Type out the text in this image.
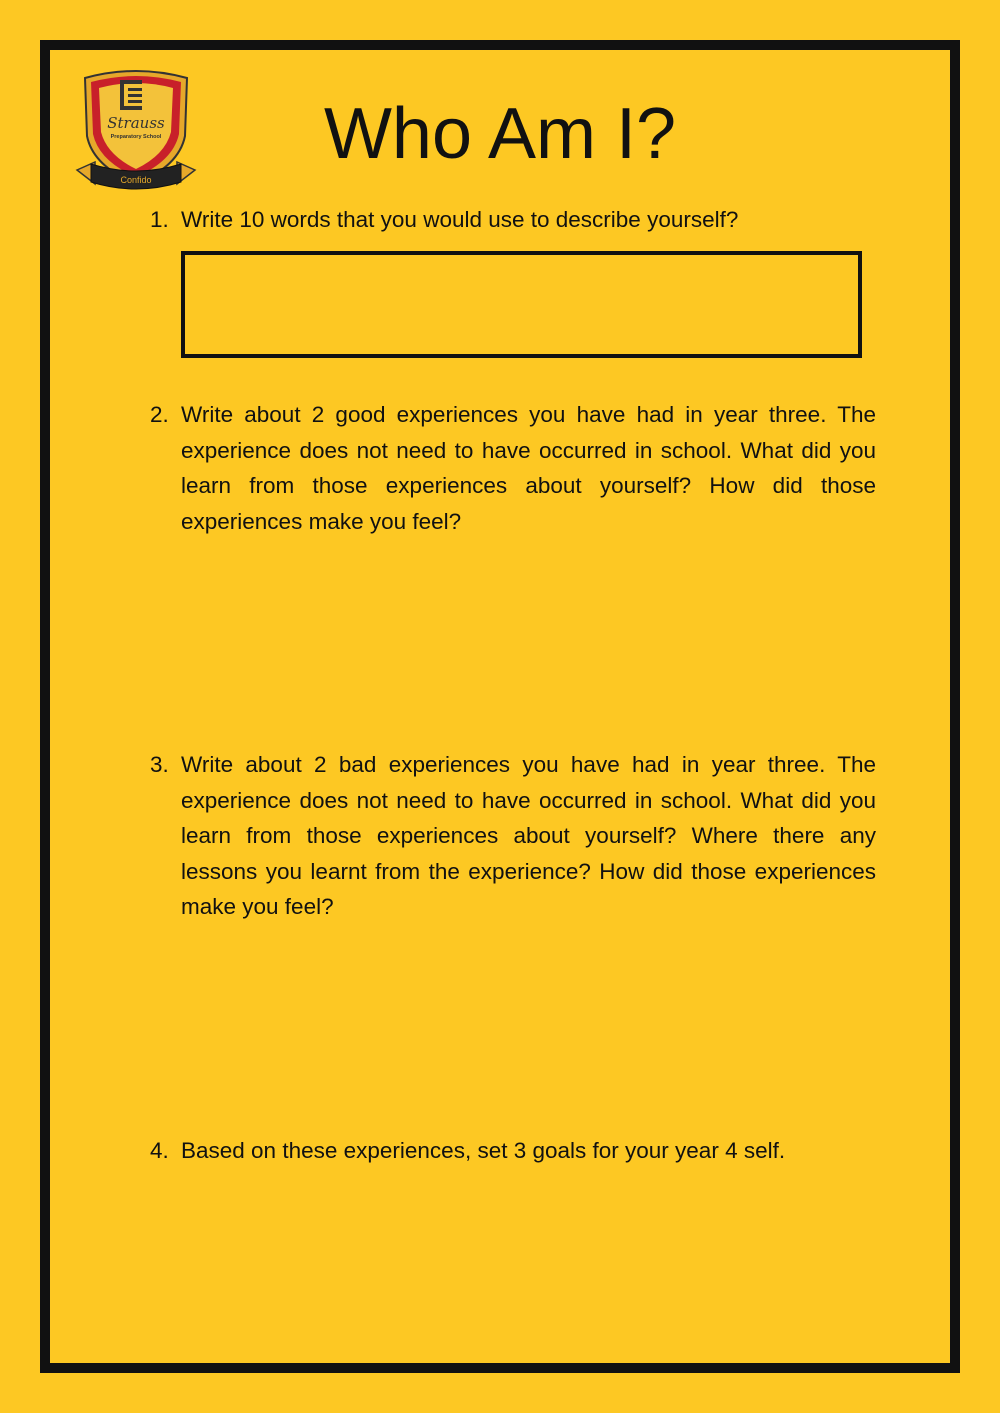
Strauss
Preparatory School
Confido
Who Am I?
1. Write 10 words that you would use to describe yourself?
2. Write about 2 good experiences you have had in year three. The experience does not need to have occurred in school. What did you learn from those experiences about yourself? How did those experiences make you feel?
3. Write about 2 bad experiences you have had in year three. The experience does not need to have occurred in school. What did you learn from those experiences about yourself? Where there any lessons you learnt from the experience? How did those experiences make you feel?
4. Based on these experiences, set 3 goals for your year 4 self.
